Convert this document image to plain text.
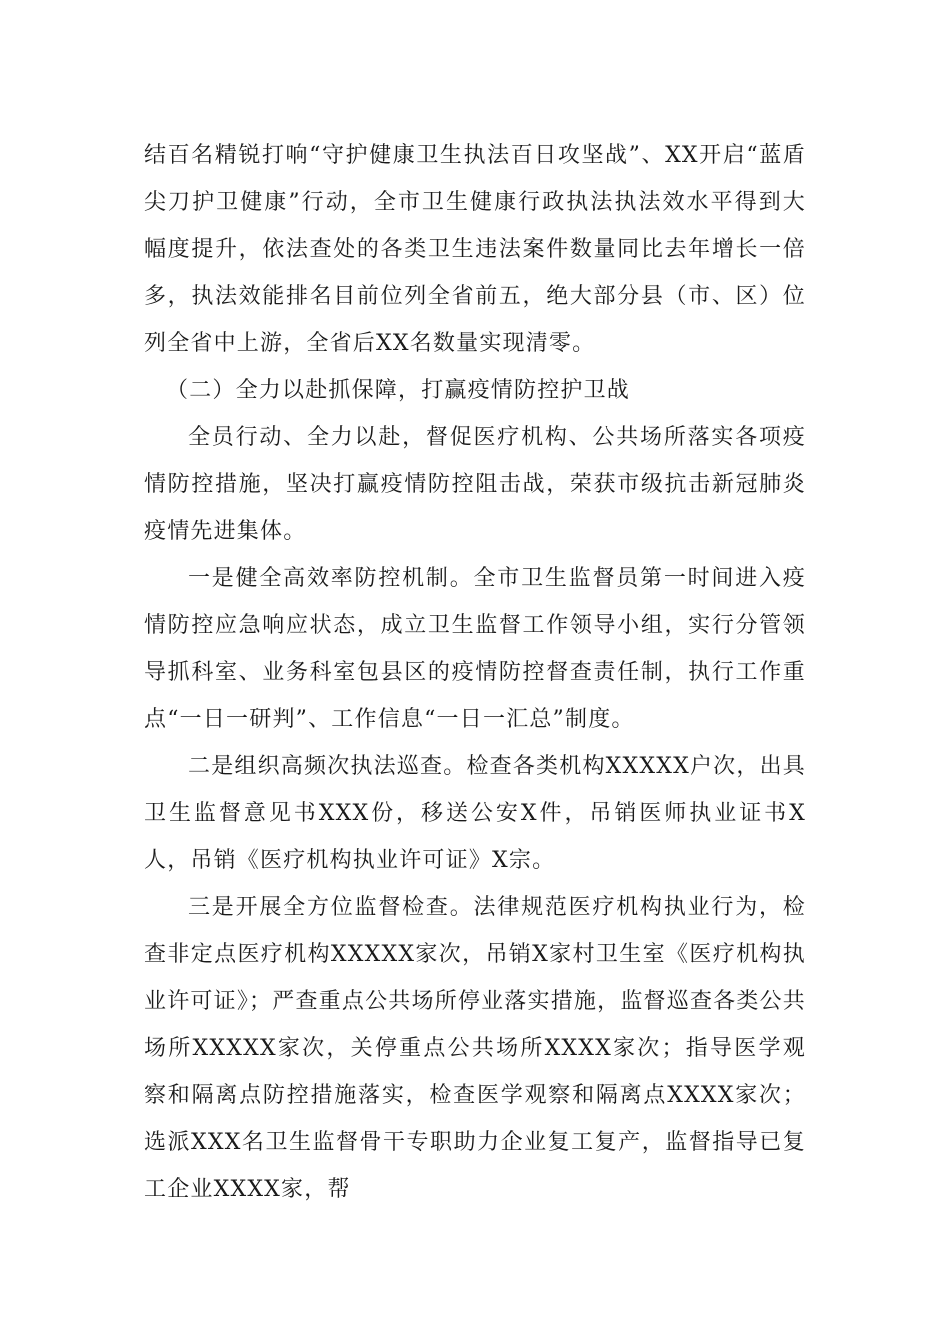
结百名精锐打响“守护健康卫生执法百日攻坚战”、XX开启“蓝盾尖刀护卫健康”行动，全市卫生健康行政执法执法效水平得到大幅度提升，依法查处的各类卫生违法案件数量同比去年增长一倍多，执法效能排名目前位列全省前五，绝大部分县（市、区）位列全省中上游，全省后XX名数量实现清零。

（二）全力以赴抓保障，打赢疫情防控护卫战

全员行动、全力以赴，督促医疗机构、公共场所落实各项疫情防控措施，坚决打赢疫情防控阻击战，荣获市级抗击新冠肺炎疫情先进集体。

一是健全高效率防控机制。全市卫生监督员第一时间进入疫情防控应急响应状态，成立卫生监督工作领导小组，实行分管领导抓科室、业务科室包县区的疫情防控督查责任制，执行工作重点“一日一研判”、工作信息“一日一汇总”制度。

二是组织高频次执法巡查。检查各类机构XXXXX户次，出具卫生监督意见书XXX份，移送公安X件，吊销医师执业证书X人，吊销《医疗机构执业许可证》X宗。

三是开展全方位监督检查。法律规范医疗机构执业行为，检查非定点医疗机构XXXXX家次，吊销X家村卫生室《医疗机构执业许可证》；严查重点公共场所停业落实措施，监督巡查各类公共场所XXXXX家次，关停重点公共场所XXXX家次；指导医学观察和隔离点防控措施落实，检查医学观察和隔离点XXXX家次；选派XXX名卫生监督骨干专职助力企业复工复产，监督指导已复工企业XXXX家，帮
